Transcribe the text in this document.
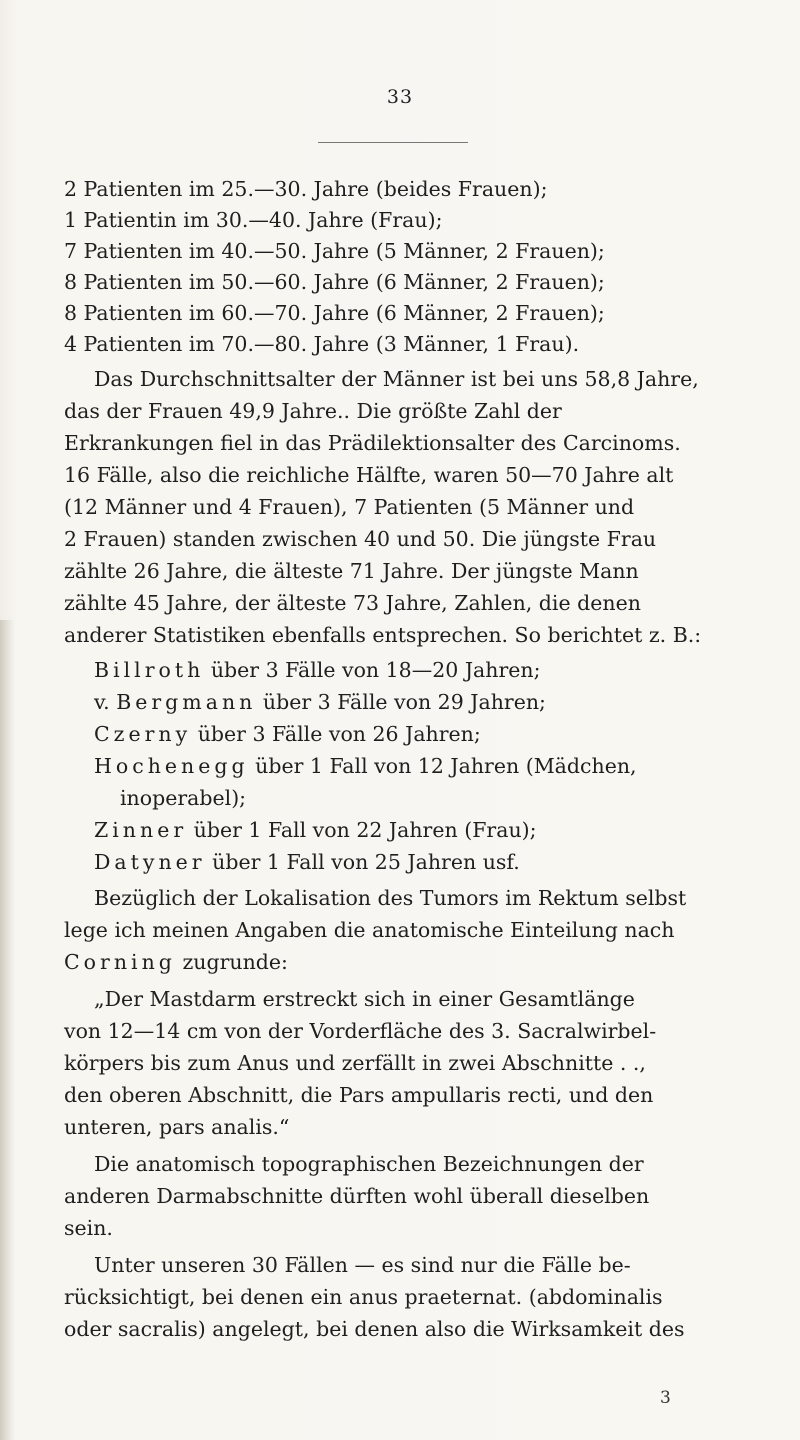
33
2 Patienten im 25.—30. Jahre (beides Frauen);
1 Patientin im 30.—40. Jahre (Frau);
7 Patienten im 40.—50. Jahre (5 Männer, 2 Frauen);
8 Patienten im 50.—60. Jahre (6 Männer, 2 Frauen);
8 Patienten im 60.—70. Jahre (6 Männer, 2 Frauen);
4 Patienten im 70.—80. Jahre (3 Männer, 1 Frau).
Das Durchschnittsalter der Männer ist bei uns 58,8 Jahre,
das der Frauen 49,9 Jahre.. Die größte Zahl der
Erkrankungen fiel in das Prädilektionsalter des Carcinoms.
16 Fälle, also die reichliche Hälfte, waren 50—70 Jahre alt
(12 Männer und 4 Frauen), 7 Patienten (5 Männer und
2 Frauen) standen zwischen 40 und 50. Die jüngste Frau
zählte 26 Jahre, die älteste 71 Jahre. Der jüngste Mann
zählte 45 Jahre, der älteste 73 Jahre, Zahlen, die denen
anderer Statistiken ebenfalls entsprechen. So berichtet z. B.:
Billroth über 3 Fälle von 18—20 Jahren;
v. Bergmann über 3 Fälle von 29 Jahren;
Czerny über 3 Fälle von 26 Jahren;
Hochenegg über 1 Fall von 12 Jahren (Mädchen,
inoperabel);
Zinner über 1 Fall von 22 Jahren (Frau);
Datyner über 1 Fall von 25 Jahren usf.
Bezüglich der Lokalisation des Tumors im Rektum selbst
lege ich meinen Angaben die anatomische Einteilung nach
Corning zugrunde:
„Der Mastdarm erstreckt sich in einer Gesamtlänge
von 12—14 cm von der Vorderfläche des 3. Sacralwirbel-
körpers bis zum Anus und zerfällt in zwei Abschnitte . .,
den oberen Abschnitt, die Pars ampullaris recti, und den
unteren, pars analis.“
Die anatomisch topographischen Bezeichnungen der
anderen Darmabschnitte dürften wohl überall dieselben
sein.
Unter unseren 30 Fällen — es sind nur die Fälle be-
rücksichtigt, bei denen ein anus praeternat. (abdominalis
oder sacralis) angelegt, bei denen also die Wirksamkeit des
3
